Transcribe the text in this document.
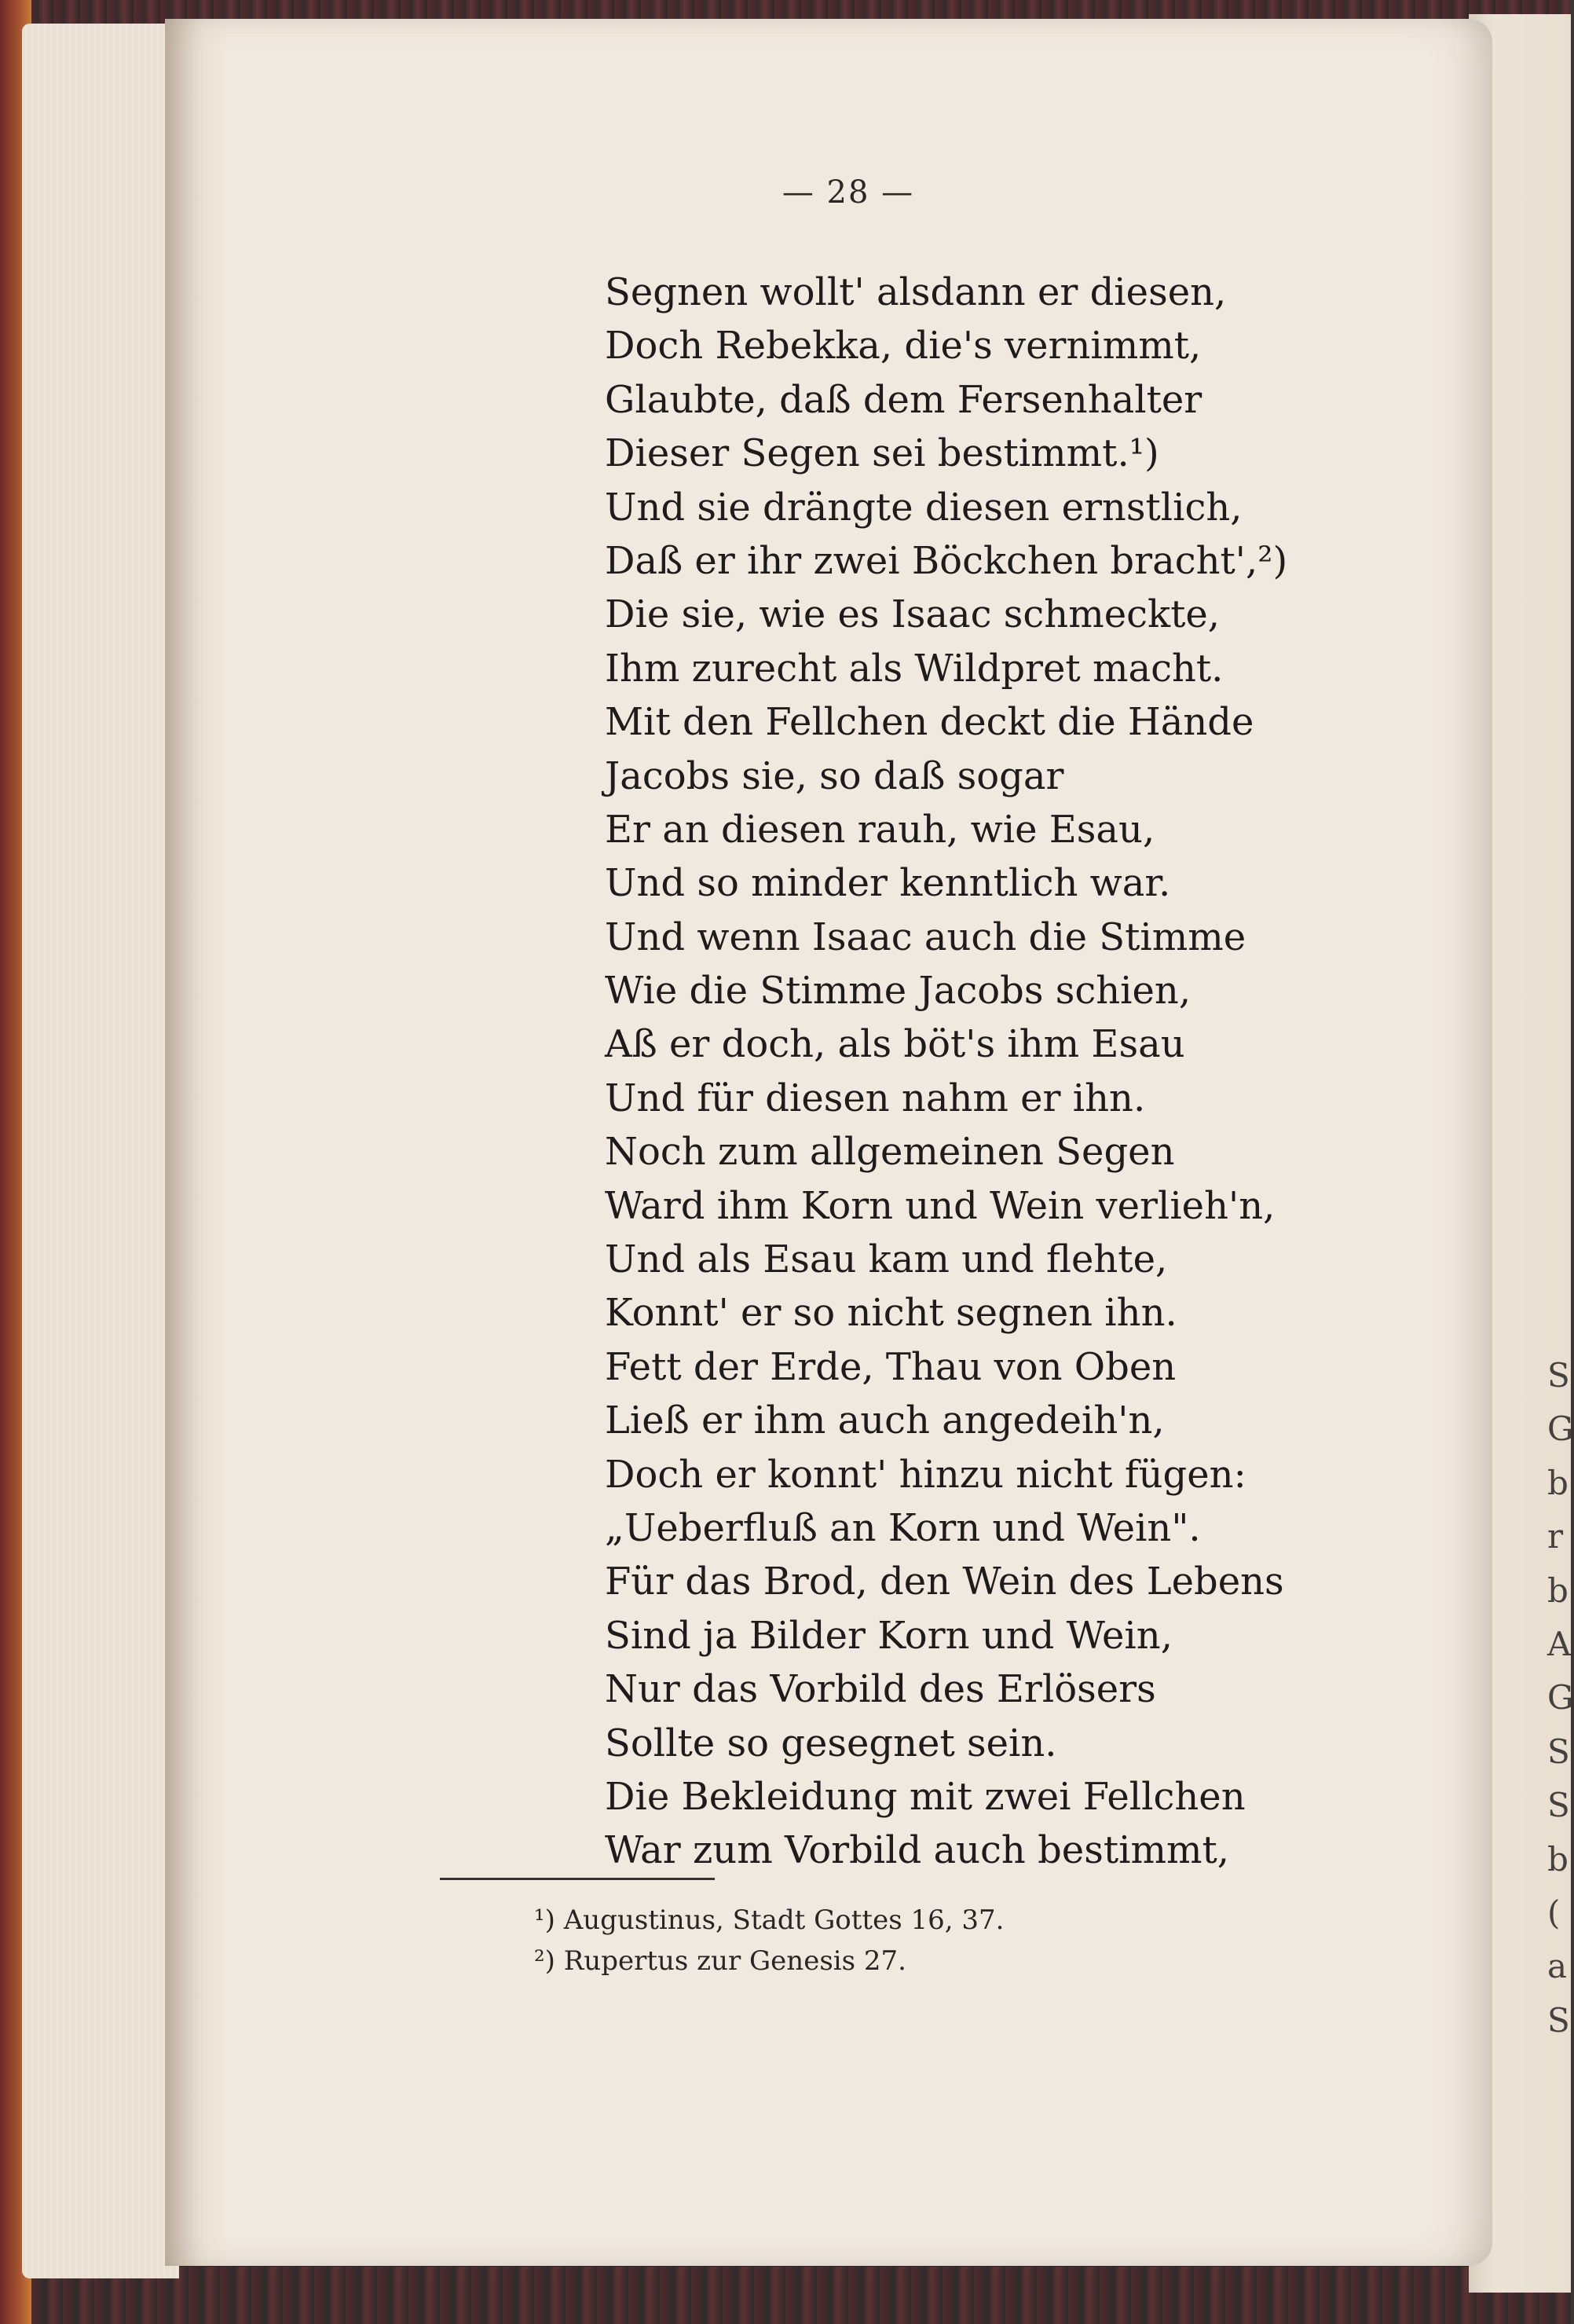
S
G
b
r
b
A
G
S
S
b
(
a
S
— 28 —
Segnen wollt' alsdann er diesen,
Doch Rebekka, die's vernimmt,
Glaubte, daß dem Fersenhalter
Dieser Segen sei bestimmt.¹)
Und sie drängte diesen ernstlich,
Daß er ihr zwei Böckchen bracht',²)
Die sie, wie es Isaac schmeckte,
Ihm zurecht als Wildpret macht.
Mit den Fellchen deckt die Hände
Jacobs sie, so daß sogar
Er an diesen rauh, wie Esau,
Und so minder kenntlich war.
Und wenn Isaac auch die Stimme
Wie die Stimme Jacobs schien,
Aß er doch, als böt's ihm Esau
Und für diesen nahm er ihn.
Noch zum allgemeinen Segen
Ward ihm Korn und Wein verlieh'n,
Und als Esau kam und flehte,
Konnt' er so nicht segnen ihn.
Fett der Erde, Thau von Oben
Ließ er ihm auch angedeih'n,
Doch er konnt' hinzu nicht fügen:
„Ueberfluß an Korn und Wein".
Für das Brod, den Wein des Lebens
Sind ja Bilder Korn und Wein,
Nur das Vorbild des Erlösers
Sollte so gesegnet sein.
Die Bekleidung mit zwei Fellchen
War zum Vorbild auch bestimmt,
¹) Augustinus, Stadt Gottes 16, 37.
²) Rupertus zur Genesis 27.
